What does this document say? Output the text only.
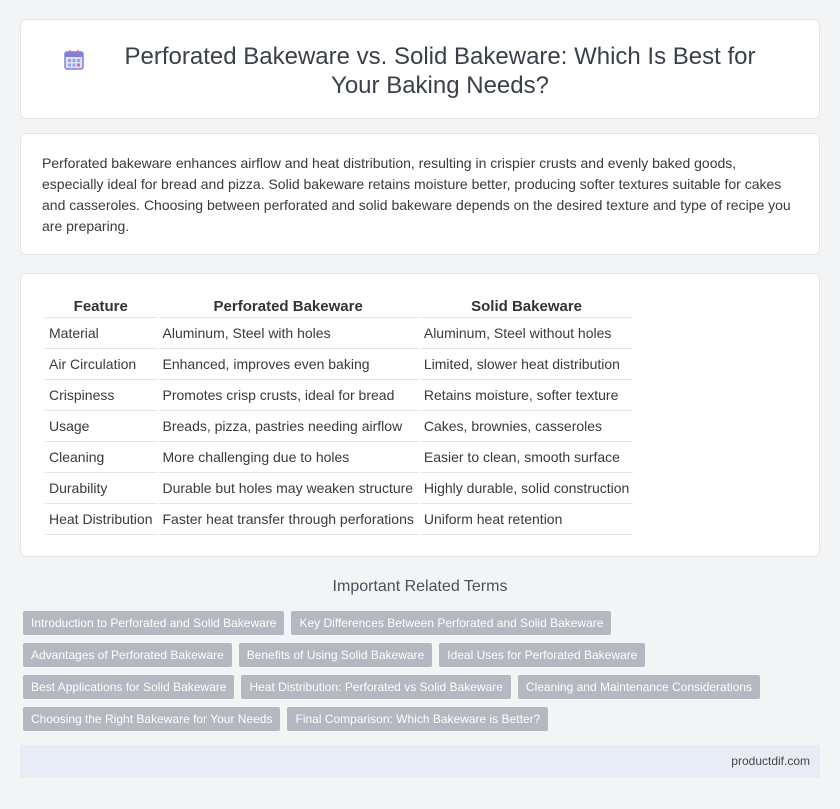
Perforated Bakeware vs. Solid Bakeware: Which Is Best for Your Baking Needs?

Perforated bakeware enhances airflow and heat distribution, resulting in crispier crusts and evenly baked goods, especially ideal for bread and pizza. Solid bakeware retains moisture better, producing softer textures suitable for cakes and casseroles. Choosing between perforated and solid bakeware depends on the desired texture and type of recipe you are preparing.

Feature	Perforated Bakeware	Solid Bakeware
Material	Aluminum, Steel with holes	Aluminum, Steel without holes
Air Circulation	Enhanced, improves even baking	Limited, slower heat distribution
Crispiness	Promotes crisp crusts, ideal for bread	Retains moisture, softer texture
Usage	Breads, pizza, pastries needing airflow	Cakes, brownies, casseroles
Cleaning	More challenging due to holes	Easier to clean, smooth surface
Durability	Durable but holes may weaken structure	Highly durable, solid construction
Heat Distribution	Faster heat transfer through perforations	Uniform heat retention
Important Related Terms
Introduction to Perforated and Solid Bakeware	Key Differences Between Perforated and Solid Bakeware
Advantages of Perforated Bakeware	Benefits of Using Solid Bakeware	Ideal Uses for Perforated Bakeware
Best Applications for Solid Bakeware	Heat Distribution: Perforated vs Solid Bakeware	Cleaning and Maintenance Considerations
Choosing the Right Bakeware for Your Needs	Final Comparison: Which Bakeware is Better?
productdif.com
